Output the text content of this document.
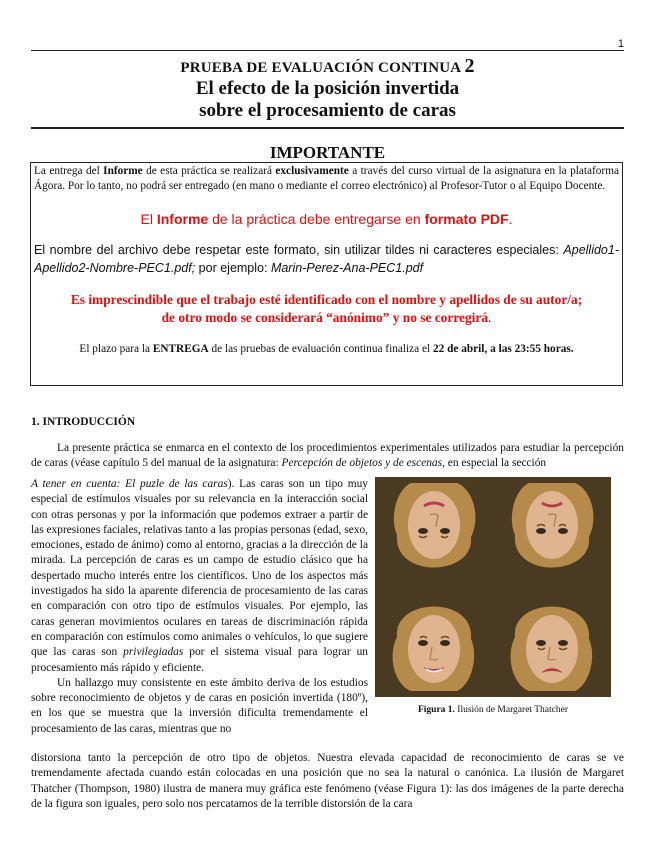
1
PRUEBA DE EVALUACIÓN CONTINUA 2
El efecto de la posición invertida
sobre el procesamiento de caras
IMPORTANTE

La entrega del Informe de esta práctica se realizará exclusivamente a través del curso virtual de la asignatura en la plataforma Ágora. Por lo tanto, no podrá ser entregado (en mano o mediante el correo electrónico) al Profesor-Tutor o al Equipo Docente.

El Informe de la práctica debe entregarse en formato PDF.

El nombre del archivo debe respetar este formato, sin utilizar tildes ni caracteres especiales: Apellido1-Apellido2-Nombre-PEC1.pdf; por ejemplo: Marin-Perez-Ana-PEC1.pdf

Es imprescindible que el trabajo esté identificado con el nombre y apellidos de su autor/a;
de otro modo se considerará “anónimo” y no se corregirá.

El plazo para la ENTREGA de las pruebas de evaluación continua finaliza el 22 de abril, a las 23:55 horas.

1. INTRODUCCIÓN

La presente práctica se enmarca en el contexto de los procedimientos experimentales utilizados para estudiar la percepción de caras (véase capítulo 5 del manual de la asignatura: Percepción de objetos y de escenas, en especial la sección

A tener en cuenta: El puzle de las caras). Las caras son un tipo muy especial de estímulos visuales por su relevancia en la interacción social con otras personas y por la información que podemos extraer a partir de las expresiones faciales, relativas tanto a las propias personas (edad, sexo, emociones, estado de ánimo) como al entorno, gracias a la dirección de la mirada. La percepción de caras es un campo de estudio clásico que ha despertado mucho interés entre los científicos. Uno de los aspectos más investigados ha sido la aparente diferencia de procesamiento de las caras en comparación con otro tipo de estímulos visuales. Por ejemplo, las caras generan movimientos oculares en tareas de discriminación rápida en comparación con estímulos como animales o vehículos, lo que sugiere que las caras son privilegiadas por el sistema visual para lograr un procesamiento más rápido y eficiente.

Un hallazgo muy consistente en este ámbito deriva de los estudios sobre reconocimiento de objetos y de caras en posición invertida (180º), en los que se muestra que la inversión dificulta tremendamente el procesamiento de las caras, mientras que no

Figura 1. Ilusión de Margaret Thatcher

distorsiona tanto la percepción de otro tipo de objetos. Nuestra elevada capacidad de reconocimiento de caras se ve tremendamente afectada cuando están colocadas en una posición que no sea la natural o canónica. La ilusión de Margaret Thatcher (Thompson, 1980) ilustra de manera muy gráfica este fenómeno (véase Figura 1): las dos imágenes de la parte derecha de la figura son iguales, pero solo nos percatamos de la terrible distorsión de la cara
